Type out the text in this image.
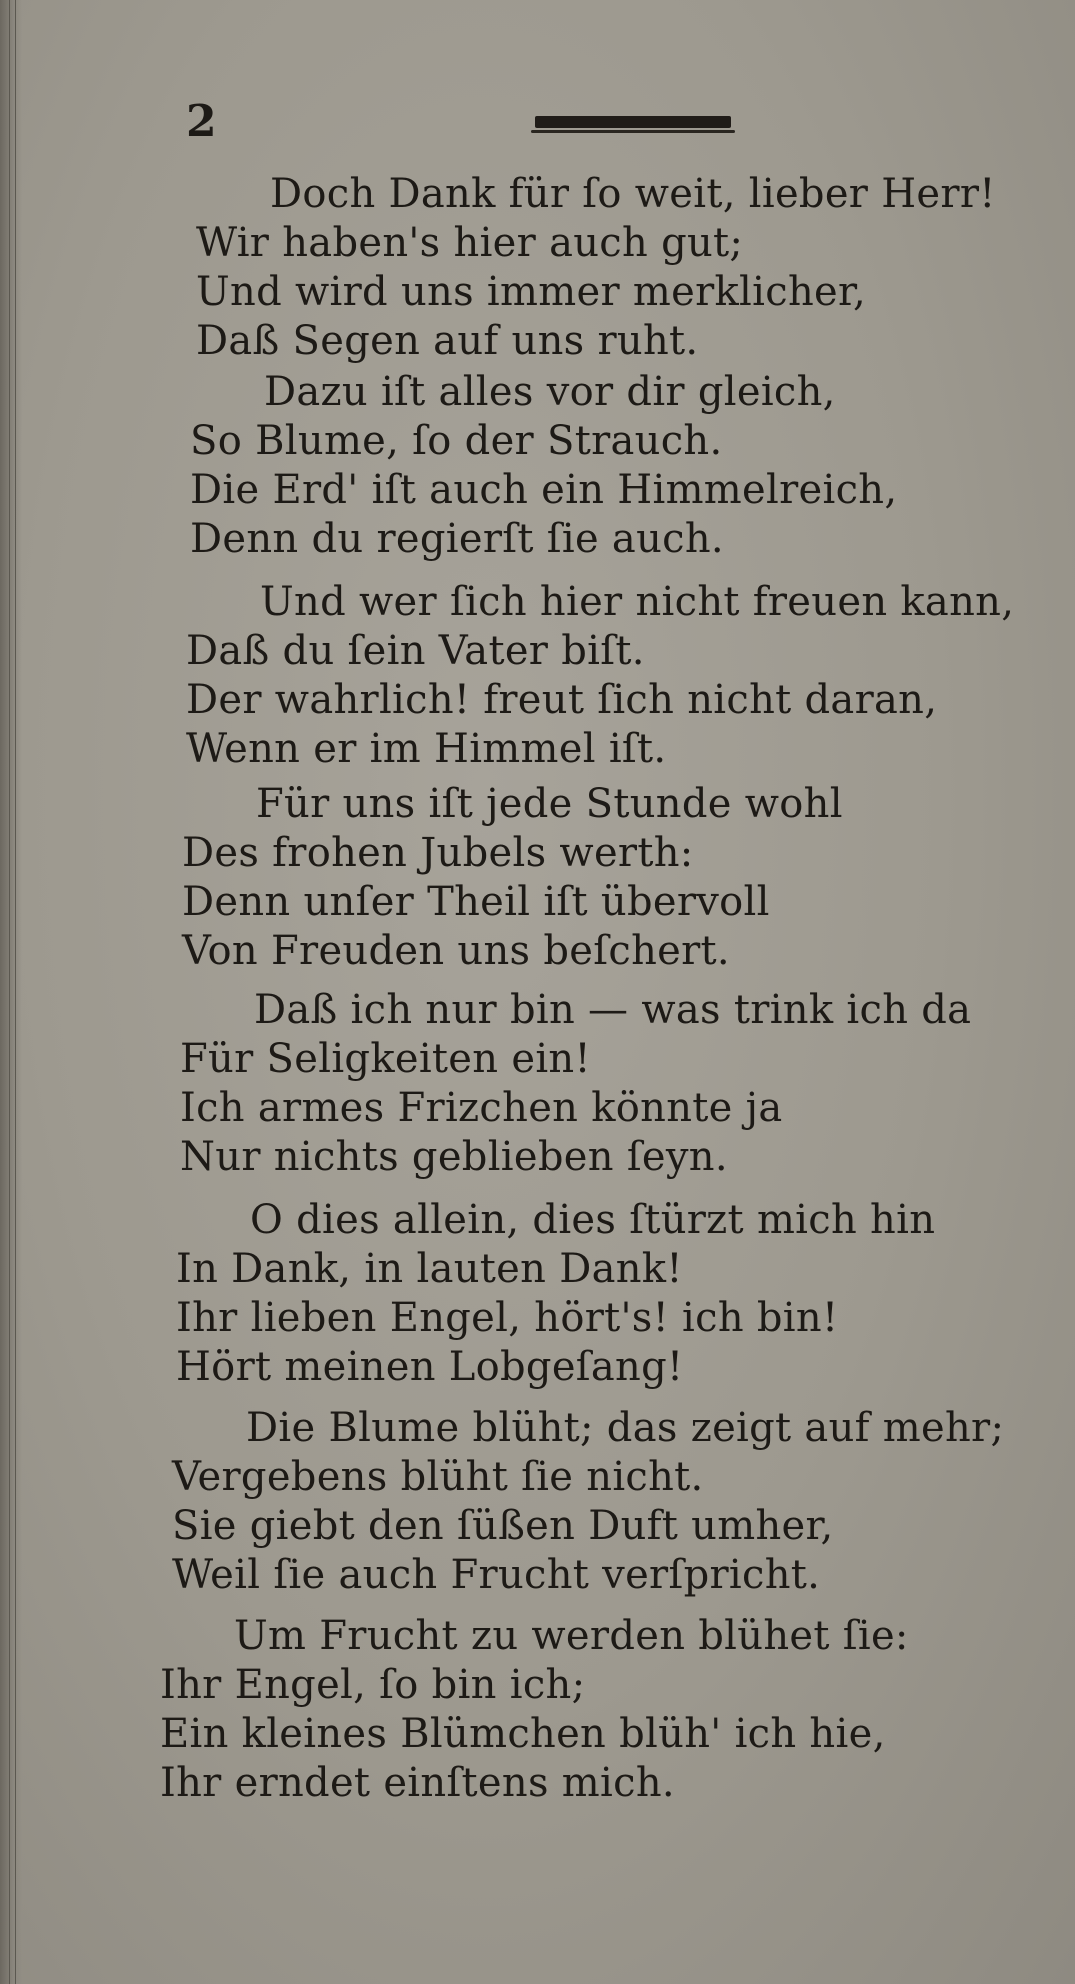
2
Doch Dank für ſo weit, lieber Herr!
Wir haben's hier auch gut;
Und wird uns immer merklicher,
Daß Segen auf uns ruht.
Dazu iſt alles vor dir gleich,
So Blume, ſo der Strauch.
Die Erd' iſt auch ein Himmelreich,
Denn du regierſt ſie auch.
Und wer ſich hier nicht freuen kann,
Daß du ſein Vater biſt.
Der wahrlich! freut ſich nicht daran,
Wenn er im Himmel iſt.
Für uns iſt jede Stunde wohl
Des frohen Jubels werth:
Denn unſer Theil iſt übervoll
Von Freuden uns beſchert.
Daß ich nur bin — was trink ich da
Für Seligkeiten ein!
Ich armes Frizchen könnte ja
Nur nichts geblieben ſeyn.
O dies allein, dies ſtürzt mich hin
In Dank, in lauten Dank!
Ihr lieben Engel, hört's! ich bin!
Hört meinen Lobgeſang!
Die Blume blüht; das zeigt auf mehr;
Vergebens blüht ſie nicht.
Sie giebt den ſüßen Duft umher,
Weil ſie auch Frucht verſpricht.
Um Frucht zu werden blühet ſie:
Ihr Engel, ſo bin ich;
Ein kleines Blümchen blüh' ich hie,
Ihr erndet einſtens mich.
